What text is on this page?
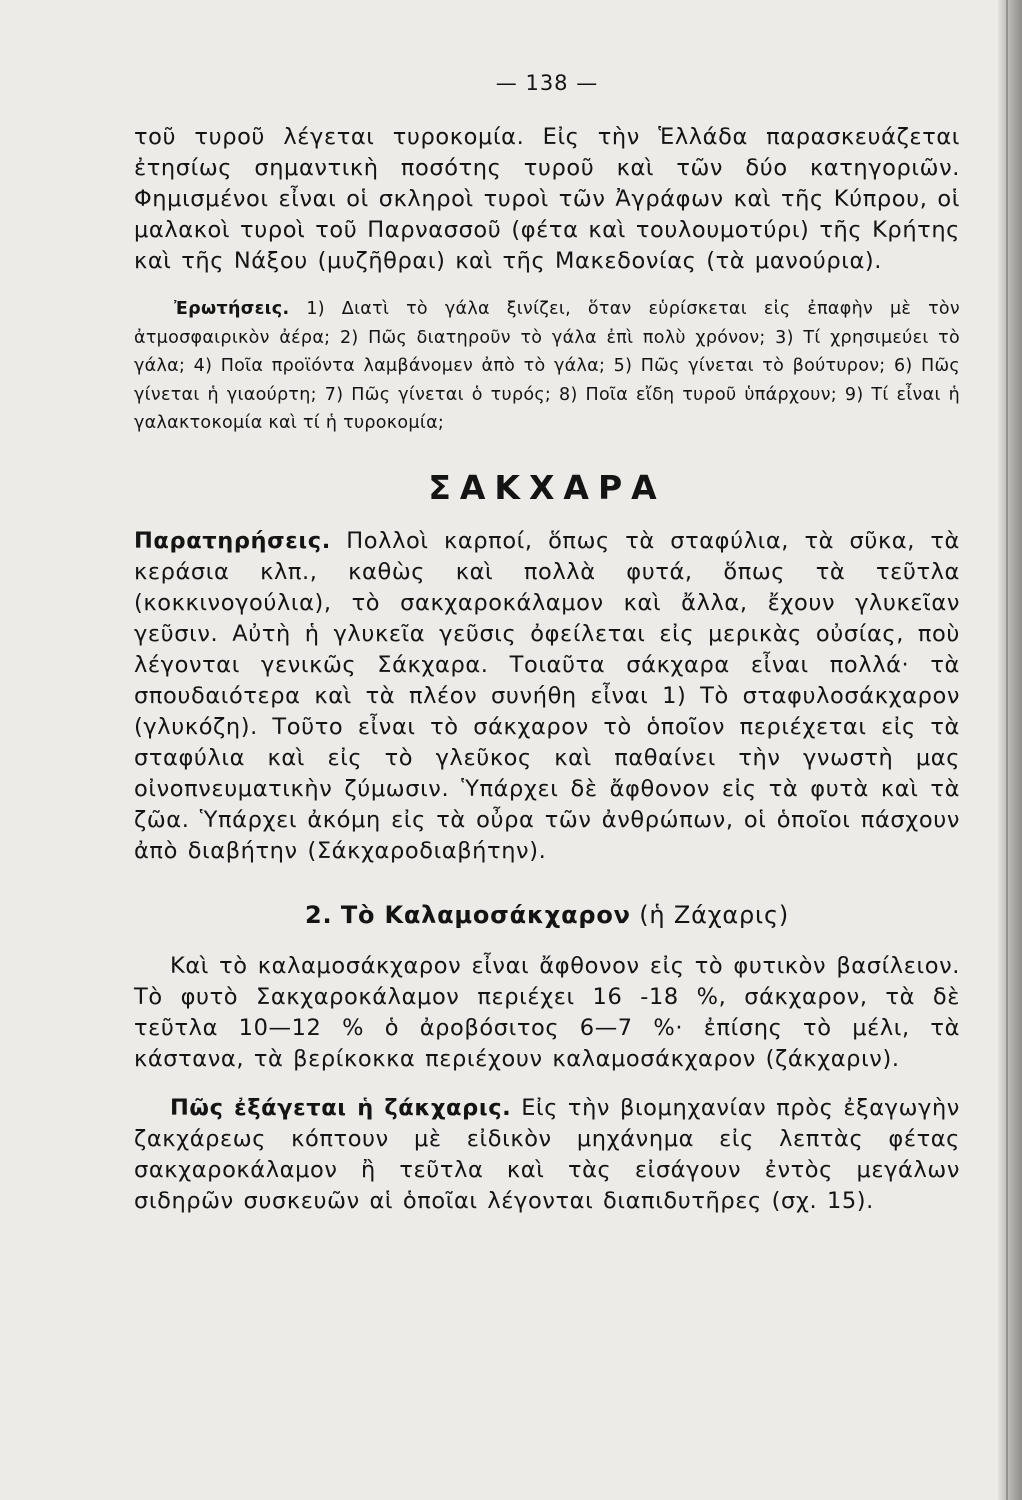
— 138 —

τοῦ τυροῦ λέγεται τυροκομία. Εἰς τὴν Ἑλλάδα παρασκευάζεται ἐτησίως σημαντικὴ ποσότης τυροῦ καὶ τῶν δύο κατηγοριῶν. Φημισμένοι εἶναι οἱ σκληροὶ τυροὶ τῶν Ἀγράφων καὶ τῆς Κύπρου, οἱ μαλακοὶ τυροὶ τοῦ Παρνασσοῦ (φέτα καὶ τουλουμοτύρι) τῆς Κρήτης καὶ τῆς Νάξου (μυζῆθραι) καὶ τῆς Μακεδονίας (τὰ μανούρια).

Ἐρωτήσεις. 1) Διατὶ τὸ γάλα ξινίζει, ὅταν εὑρίσκεται εἰς ἐπαφὴν μὲ τὸν ἀτμοσφαιρικὸν ἀέρα; 2) Πῶς διατηροῦν τὸ γάλα ἐπὶ πολὺ χρόνον; 3) Τί χρησιμεύει τὸ γάλα; 4) Ποῖα προϊόντα λαμβάνομεν ἀπὸ τὸ γάλα; 5) Πῶς γίνεται τὸ βούτυρον; 6) Πῶς γίνεται ἡ γιαούρτη; 7) Πῶς γίνεται ὁ τυρός; 8) Ποῖα εἴδη τυροῦ ὑπάρχουν; 9) Τί εἶναι ἡ γαλακτοκομία καὶ τί ἡ τυροκομία;

ΣΑΚΧΑΡΑ

Παρατηρήσεις. Πολλοὶ καρποί, ὅπως τὰ σταφύλια, τὰ σῦκα, τὰ κεράσια κλπ., καθὼς καὶ πολλὰ φυτά, ὅπως τὰ τεῦτλα (κοκκινογούλια), τὸ σακχαροκάλαμον καὶ ἄλλα, ἔχουν γλυκεῖαν γεῦσιν. Αὐτὴ ἡ γλυκεῖα γεῦσις ὀφείλεται εἰς μερικὰς οὐσίας, ποὺ λέγονται γενικῶς Σάκχαρα. Τοιαῦτα σάκχαρα εἶναι πολλά· τὰ σπουδαιότερα καὶ τὰ πλέον συνήθη εἶναι 1) Τὸ σταφυλοσάκχαρον (γλυκόζη). Τοῦτο εἶναι τὸ σάκχαρον τὸ ὁποῖον περιέχεται εἰς τὰ σταφύλια καὶ εἰς τὸ γλεῦκος καὶ παθαίνει τὴν γνωστὴ μας οἰνοπνευματικὴν ζύμωσιν. Ὑπάρχει δὲ ἄφθονον εἰς τὰ φυτὰ καὶ τὰ ζῶα. Ὑπάρχει ἀκόμη εἰς τὰ οὖρα τῶν ἀνθρώπων, οἱ ὁποῖοι πάσχουν ἀπὸ διαβήτην (Σάκχαροδιαβήτην).

2. Τὸ Καλαμοσάκχαρον (ἡ Ζάχαρις)

Καὶ τὸ καλαμοσάκχαρον εἶναι ἄφθονον εἰς τὸ φυτικὸν βασίλειον. Τὸ φυτὸ Σακχαροκάλαμον περιέχει 16 -18 %, σάκχαρον, τὰ δὲ τεῦτλα 10—12 % ὁ ἀροβόσιτος 6—7 %· ἐπίσης τὸ μέλι, τὰ κάστανα, τὰ βερίκοκκα περιέχουν καλαμοσάκχαρον (ζάκχαριν).

Πῶς ἐξάγεται ἡ ζάκχαρις. Εἰς τὴν βιομηχανίαν πρὸς ἐξαγωγὴν ζακχάρεως κόπτουν μὲ εἰδικὸν μηχάνημα εἰς λεπτὰς φέτας σακχαροκάλαμον ἢ τεῦτλα καὶ τὰς εἰσάγουν ἐντὸς μεγάλων σιδηρῶν συσκευῶν αἱ ὁποῖαι λέγονται διαπιδυτῆρες (σχ. 15).
